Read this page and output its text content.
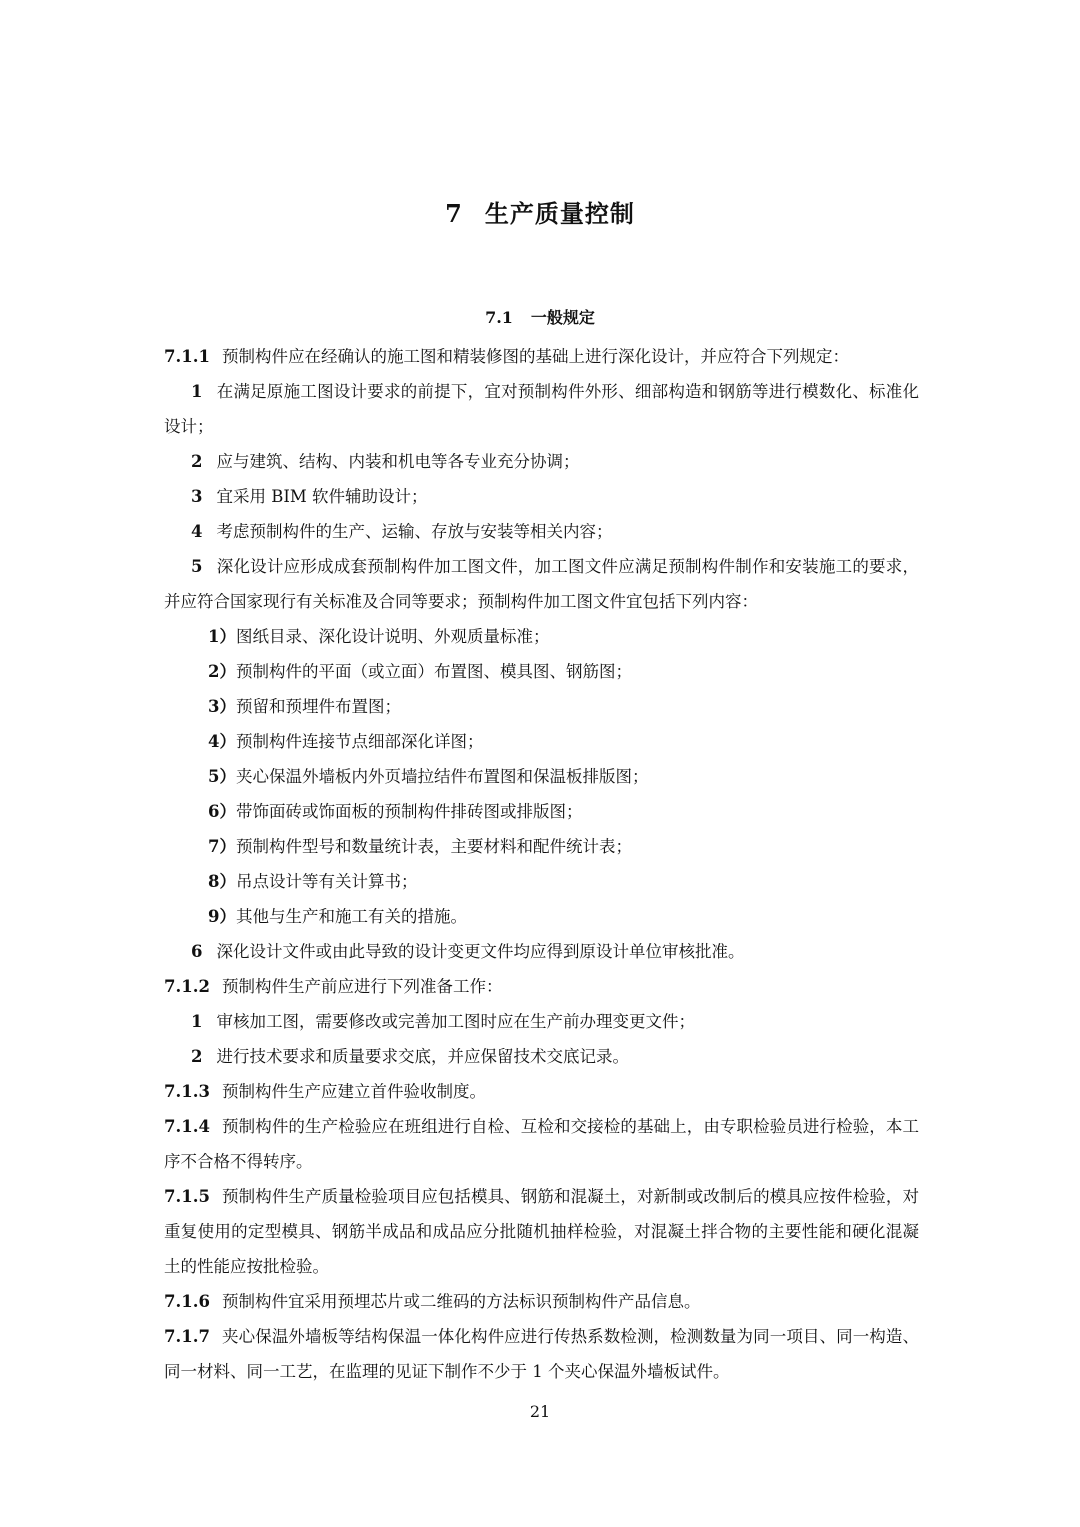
7 生产质量控制
7.1 一般规定

7.1.1 预制构件应在经确认的施工图和精装修图的基础上进行深化设计，并应符合下列规定：

1 在满足原施工图设计要求的前提下，宜对预制构件外形、细部构造和钢筋等进行模数化、标准化设计；

2 应与建筑、结构、内装和机电等各专业充分协调；

3 宜采用 BIM 软件辅助设计；

4 考虑预制构件的生产、运输、存放与安装等相关内容；

5 深化设计应形成成套预制构件加工图文件，加工图文件应满足预制构件制作和安装施工的要求，并应符合国家现行有关标准及合同等要求；预制构件加工图文件宜包括下列内容：

1）图纸目录、深化设计说明、外观质量标准；

2）预制构件的平面（或立面）布置图、模具图、钢筋图；

3）预留和预埋件布置图；

4）预制构件连接节点细部深化详图；

5）夹心保温外墙板内外页墙拉结件布置图和保温板排版图；

6）带饰面砖或饰面板的预制构件排砖图或排版图；

7）预制构件型号和数量统计表，主要材料和配件统计表；

8）吊点设计等有关计算书；

9）其他与生产和施工有关的措施。

6 深化设计文件或由此导致的设计变更文件均应得到原设计单位审核批准。

7.1.2 预制构件生产前应进行下列准备工作：

1 审核加工图，需要修改或完善加工图时应在生产前办理变更文件；

2 进行技术要求和质量要求交底，并应保留技术交底记录。

7.1.3 预制构件生产应建立首件验收制度。

7.1.4 预制构件的生产检验应在班组进行自检、互检和交接检的基础上，由专职检验员进行检验，本工序不合格不得转序。

7.1.5 预制构件生产质量检验项目应包括模具、钢筋和混凝土，对新制或改制后的模具应按件检验，对重复使用的定型模具、钢筋半成品和成品应分批随机抽样检验，对混凝土拌合物的主要性能和硬化混凝土的性能应按批检验。

7.1.6 预制构件宜采用预埋芯片或二维码的方法标识预制构件产品信息。

7.1.7 夹心保温外墙板等结构保温一体化构件应进行传热系数检测，检测数量为同一项目、同一构造、同一材料、同一工艺，在监理的见证下制作不少于 1 个夹心保温外墙板试件。

21
